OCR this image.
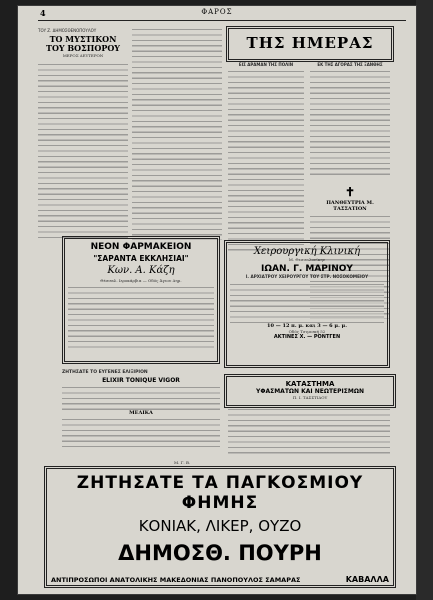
4	ΦΑΡΟΣ
ΤΟΥ Ζ. ΔΗΜΟΣΘΕΝΟΠΟΥΛΟΥ
ΤΟ ΜΥΣΤΙΚΟΝ
ΤΟΥ ΒΟΣΠΟΡΟΥ
ΜΕΡΟΣ ΔΕΥΤΕΡΟΝ
ΤΗΣ ΗΜΕΡΑΣ
ΕΙΣ ΔΡΑΜΑΝ ΤΗΣ ΠΟΛΙΝ	ΕΚ ΤΗΣ ΑΓΟΡΑΣ ΤΗΣ ΞΑΝΘΗΣ
✝
ΠΑΝΘΕΥΤΡΙΑ Μ. ΤΑΣΣΑΤΙΟΝ
ΝΕΟΝ ΦΑΡΜΑΚΕΙΟΝ
"ΣΑΡΑΝΤΑ ΕΚΚΛΗΣΙΑΙ"
Κων. Α. Κάζη
Θέσσαλ. Ιεροκάρβια — Οδός Άγιου Δημ.
Χειρουργική Κλινική
Μ. Θεσσαλονίκην
ΙΩΑΝ. Γ. ΜΑΡΙΝΟΥ
Ι. ΑΡΧΙΑΤΡΟΥ ΧΕΙΡΟΥΡΓΟΥ ΤΟΥ ΣΤΡ. ΝΟΣΟΚΟΜΕΙΟΥ
10 — 12 π. μ. και 3 — 6 μ. μ.
Οδός Τσιμισκή 52
ΑΚΤΙΝΕΣ Χ. — ΡΟΝΤΓΕΝ
ΚΑΤΑΣΤΗΜΑ
ΥΦΑΣΜΑΤΩΝ ΚΑΙ ΝΕΩΤΕΡΙΣΜΩΝ
Π. Ι. ΤΑΣΣΤΙΔΟΥ
ΖΗΤΗΣΑΤΕ ΤΟ ΕΥΓΕΝΕΣ ΕΛΙΞΙΡΙΟΝ
ELIXIR TONIQUE VIGOR
ΜΕΛΙΚΑ
ΖΗΤΗΣΑΤΕ ΤΑ ΠΑΓΚΟΣΜΙΟΥ ΦΗΜΗΣ
ΚΟΝΙΑΚ, ΛΙΚΕΡ, ΟΥΖΟ
ΔΗΜΟΣΘ. ΠΟΥΡΗ
ΑΝΤΙΠΡΟΣΩΠΟΙ ΑΝΑΤΟΛΙΚΗΣ ΜΑΚΕΔΟΝΙΑΣ ΠΑΝΟΠΟΥΛΟΣ ΣΑΜΑΡΑΣ	ΚΑΒΑΛΛΑ
Μ. Γ. Β.
